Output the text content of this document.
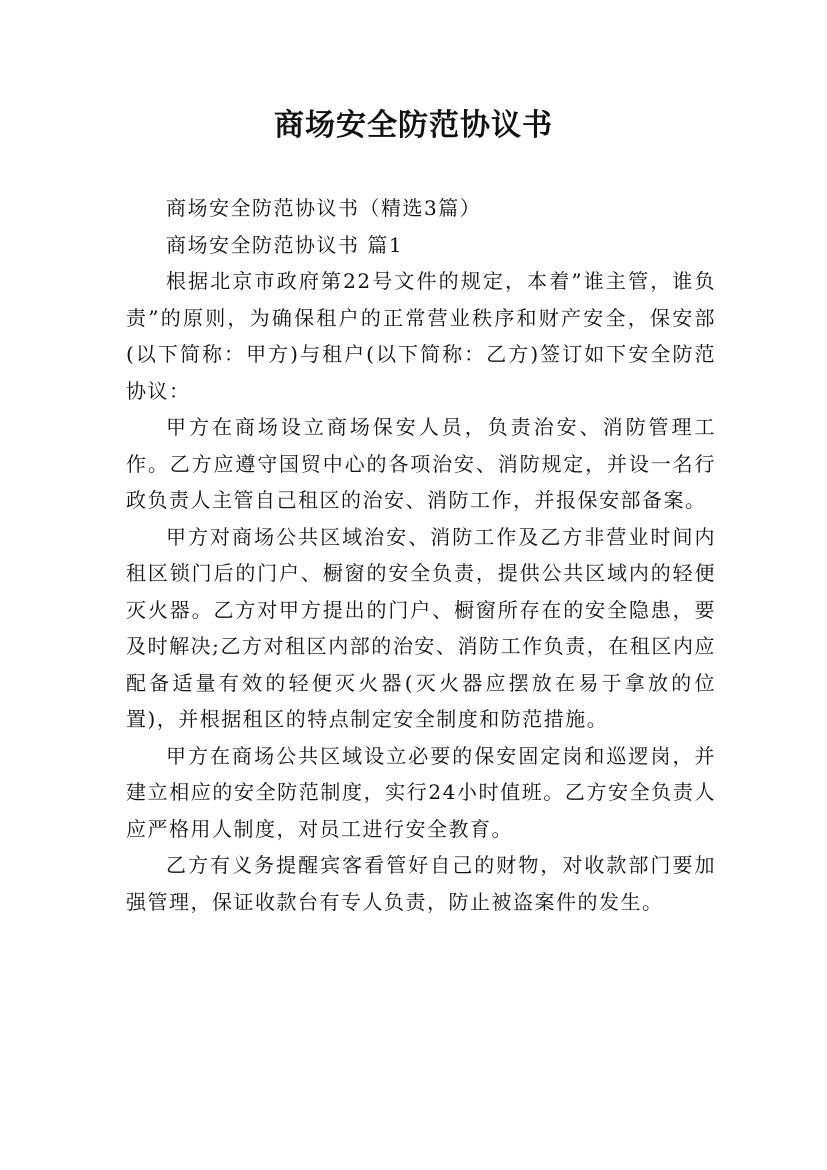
商场安全防范协议书

商场安全防范协议书（精选3篇）

商场安全防范协议书 篇1

根据北京市政府第22号文件的规定，本着”谁主管，谁负责”的原则，为确保租户的正常营业秩序和财产安全，保安部(以下简称：甲方)与租户(以下简称：乙方)签订如下安全防范协议：

甲方在商场设立商场保安人员，负责治安、消防管理工作。乙方应遵守国贸中心的各项治安、消防规定，并设一名行政负责人主管自己租区的治安、消防工作，并报保安部备案。

甲方对商场公共区域治安、消防工作及乙方非营业时间内租区锁门后的门户、橱窗的安全负责，提供公共区域内的轻便灭火器。乙方对甲方提出的门户、橱窗所存在的安全隐患，要及时解决;乙方对租区内部的治安、消防工作负责，在租区内应配备适量有效的轻便灭火器(灭火器应摆放在易于拿放的位置)，并根据租区的特点制定安全制度和防范措施。

甲方在商场公共区域设立必要的保安固定岗和巡逻岗，并建立相应的安全防范制度，实行24小时值班。乙方安全负责人应严格用人制度，对员工进行安全教育。

乙方有义务提醒宾客看管好自己的财物，对收款部门要加强管理，保证收款台有专人负责，防止被盗案件的发生。
